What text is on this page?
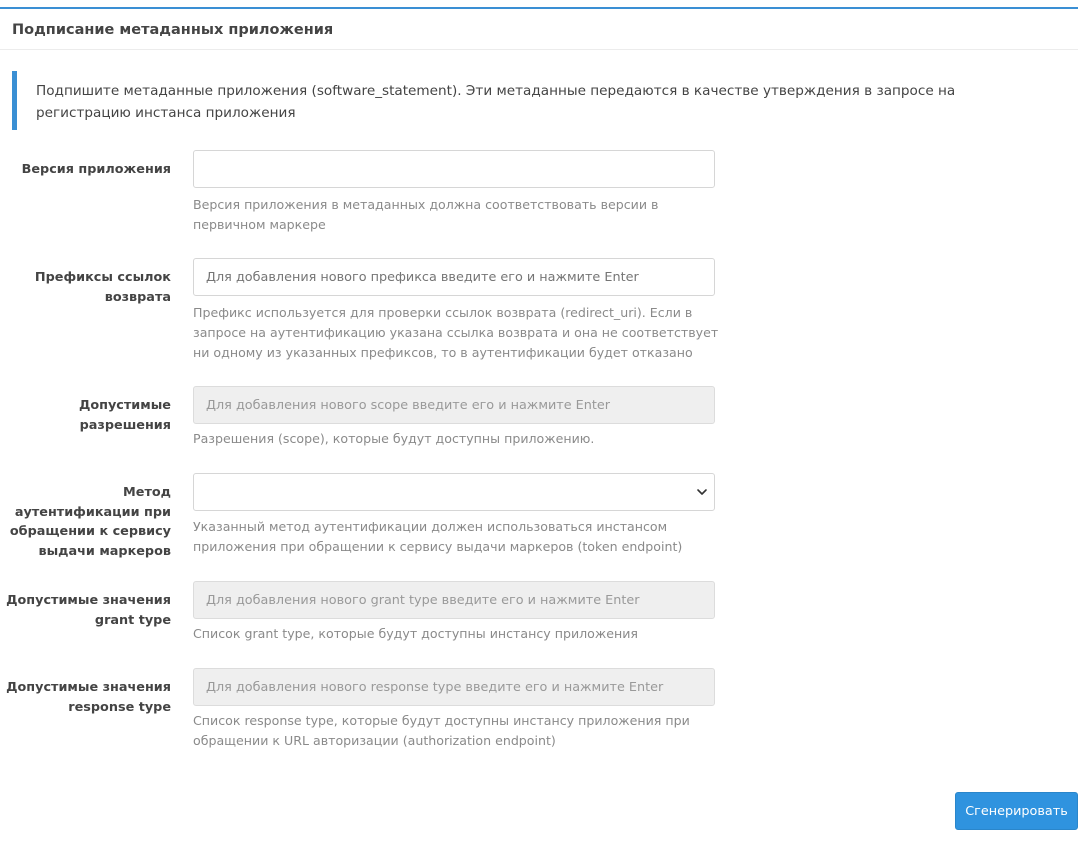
Подписание метаданных приложения
Подпишите метаданные приложения (software_statement). Эти метаданные передаются в качестве утверждения в запросе на регистрацию инстанса приложения
Версия приложения
Версия приложения в метаданных должна соответствовать версии в первичном маркере
Префиксы ссылок возврата
Для добавления нового префикса введите его и нажмите Enter
Префикс используется для проверки ссылок возврата (redirect_uri). Если в запросе на аутентификацию указана ссылка возврата и она не соответствует ни одному из указанных префиксов, то в аутентификации будет отказано
Допустимые разрешения
Для добавления нового scope введите его и нажмите Enter
Разрешения (scope), которые будут доступны приложению.
Метод аутентификации при обращении к сервису выдачи маркеров
Указанный метод аутентификации должен использоваться инстансом приложения при обращении к сервису выдачи маркеров (token endpoint)
Допустимые значения grant type
Для добавления нового grant type введите его и нажмите Enter
Список grant type, которые будут доступны инстансу приложения
Допустимые значения response type
Для добавления нового response type введите его и нажмите Enter
Список response type, которые будут доступны инстансу приложения при обращении к URL авторизации (authorization endpoint)
Сгенерировать
